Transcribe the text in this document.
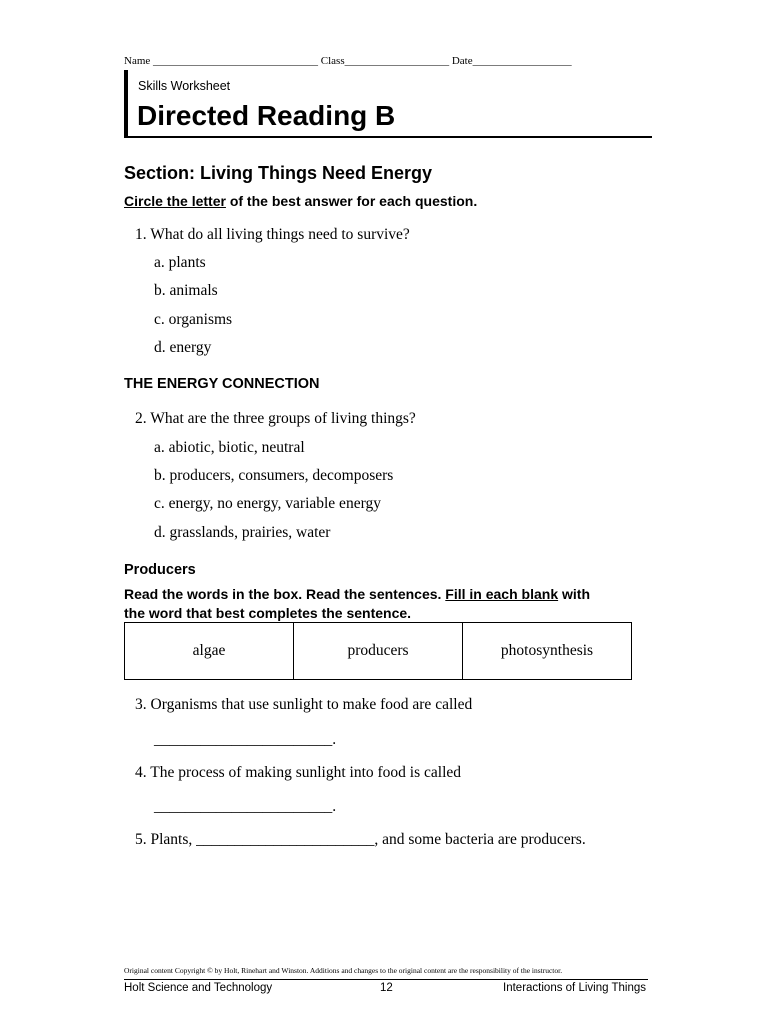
Name ______________________________ Class___________________ Date__________________
Skills Worksheet
Directed Reading B
Section: Living Things Need Energy
Circle the letter of the best answer for each question.
1. What do all living things need to survive?
a. plants
b. animals
c. organisms
d. energy
THE ENERGY CONNECTION
2. What are the three groups of living things?
a. abiotic, biotic, neutral
b. producers, consumers, decomposers
c. energy, no energy, variable energy
d. grasslands, prairies, water
Producers
Read the words in the box. Read the sentences. Fill in each blank with
the word that best completes the sentence.
algae	producers	photosynthesis
3. Organisms that use sunlight to make food are called
_______________________.
4. The process of making sunlight into food is called
_______________________.
5. Plants, _______________________, and some bacteria are producers.
Original content Copyright © by Holt, Rinehart and Winston. Additions and changes to the original content are the responsibility of the instructor.
Holt Science and Technology	12	Interactions of Living Things
